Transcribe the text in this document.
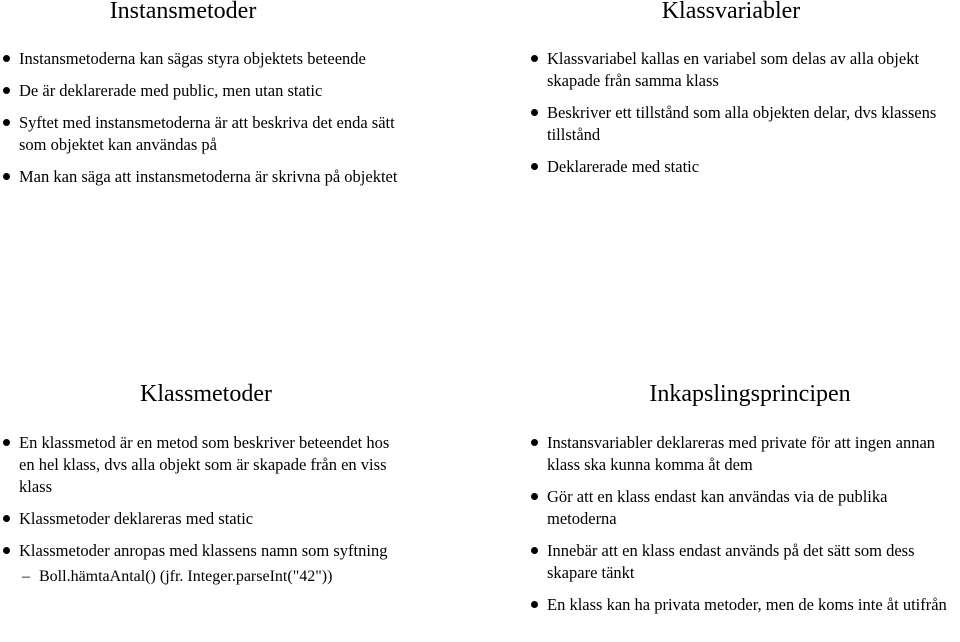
Instansmetoder
Instansmetoderna kan sägas styra objektets beteende
De är deklarerade med public, men utan static
Syftet med instansmetoderna är att beskriva det enda sätt som objektet kan användas på
Man kan säga att instansmetoderna är skrivna på objektet
Klassvariabler
Klassvariabel kallas en variabel som delas av alla objekt skapade från samma klass
Beskriver ett tillstånd som alla objekten delar, dvs klassens tillstånd
Deklarerade med static
Klassmetoder
En klassmetod är en metod som beskriver beteendet hos en hel klass, dvs alla objekt som är skapade från en viss klass
Klassmetoder deklareras med static
Klassmetoder anropas med klassens namn som syftning
– Boll.hämtaAntal() (jfr. Integer.parseInt("42"))
Inkapslingsprincipen
Instansvariabler deklareras med private för att ingen annan klass ska kunna komma åt dem
Gör att en klass endast kan användas via de publika metoderna
Innebär att en klass endast används på det sätt som dess skapare tänkt
En klass kan ha privata metoder, men de koms inte åt utifrån
